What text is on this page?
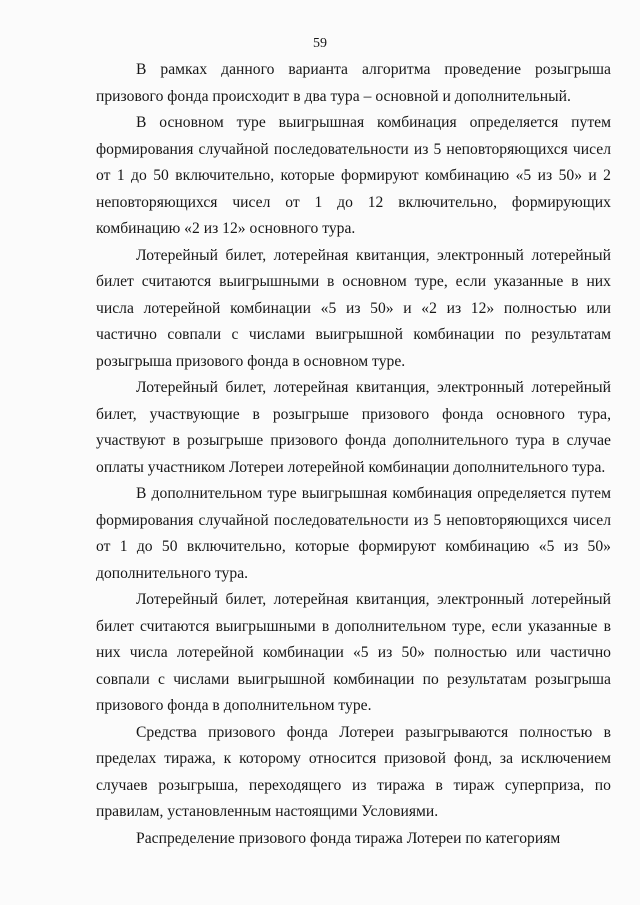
59

В рамках данного варианта алгоритма проведение розыгрыша призового фонда происходит в два тура – основной и дополнительный.

В основном туре выигрышная комбинация определяется путем формирования случайной последовательности из 5 неповторяющихся чисел от 1 до 50 включительно, которые формируют комбинацию «5 из 50» и 2 неповторяющихся чисел от 1 до 12 включительно, формирующих комбинацию «2 из 12» основного тура.

Лотерейный билет, лотерейная квитанция, электронный лотерейный билет считаются выигрышными в основном туре, если указанные в них числа лотерейной комбинации «5 из 50» и «2 из 12» полностью или частично совпали с числами выигрышной комбинации по результатам розыгрыша призового фонда в основном туре.

Лотерейный билет, лотерейная квитанция, электронный лотерейный билет, участвующие в розыгрыше призового фонда основного тура, участвуют в розыгрыше призового фонда дополнительного тура в случае оплаты участником Лотереи лотерейной комбинации дополнительного тура.

В дополнительном туре выигрышная комбинация определяется путем формирования случайной последовательности из 5 неповторяющихся чисел от 1 до 50 включительно, которые формируют комбинацию «5 из 50» дополнительного тура.

Лотерейный билет, лотерейная квитанция, электронный лотерейный билет считаются выигрышными в дополнительном туре, если указанные в них числа лотерейной комбинации «5 из 50» полностью или частично совпали с числами выигрышной комбинации по результатам розыгрыша призового фонда в дополнительном туре.

Средства призового фонда Лотереи разыгрываются полностью в пределах тиража, к которому относится призовой фонд, за исключением случаев розыгрыша, переходящего из тиража в тираж суперприза, по правилам, установленным настоящими Условиями.

Распределение призового фонда тиража Лотереи по категориям
